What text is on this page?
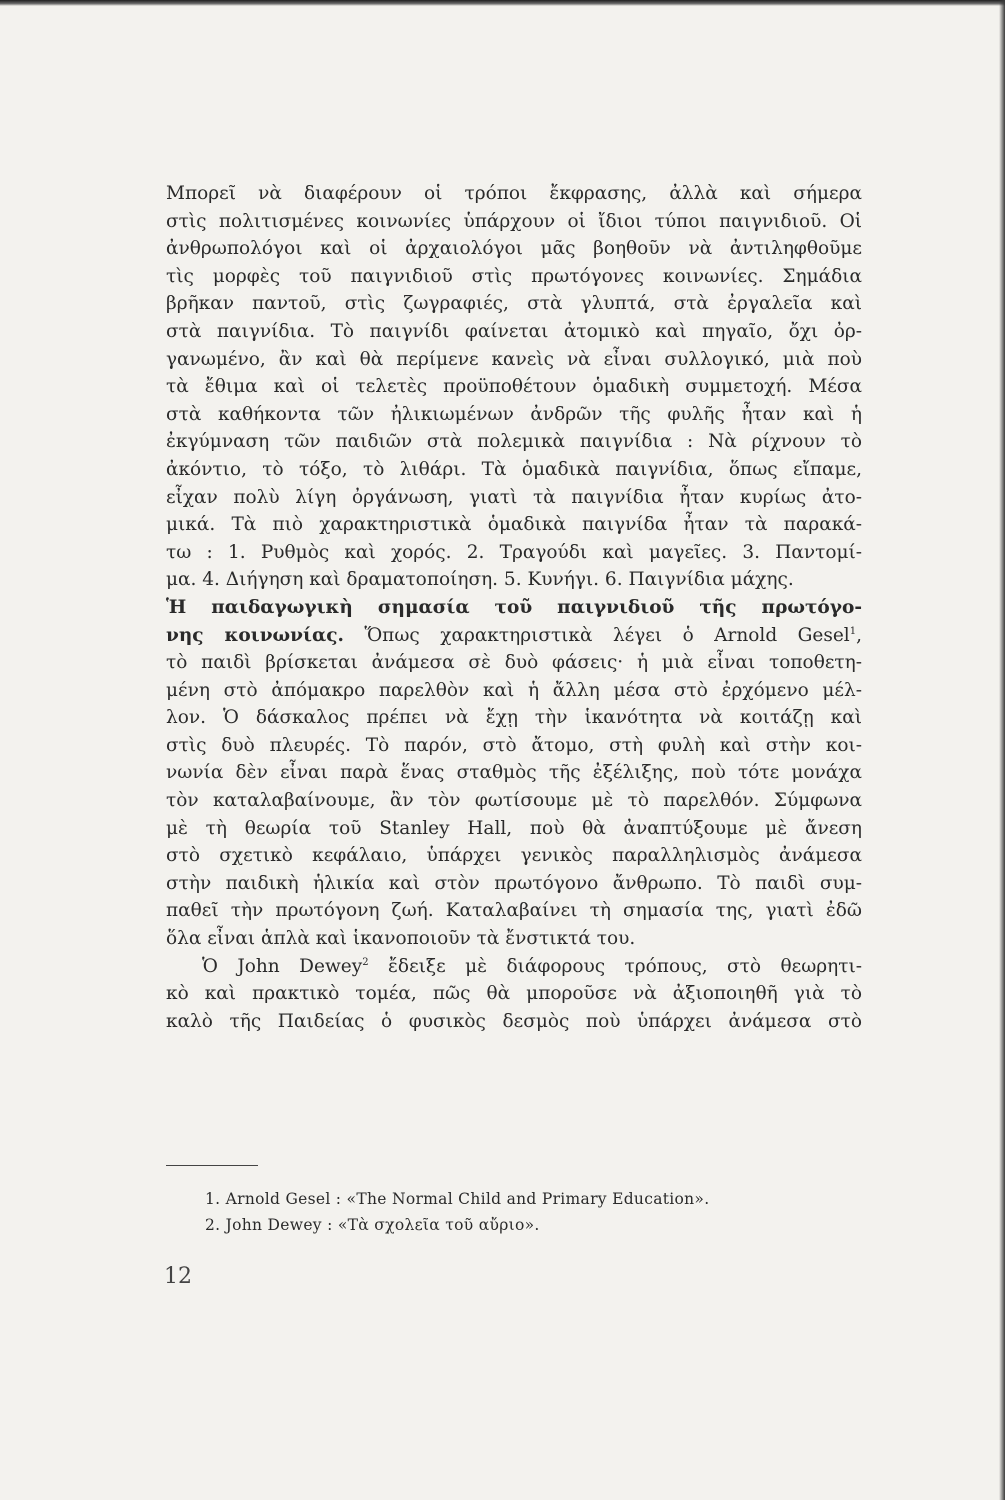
Μπορεῖ νὰ διαφέρουν οἱ τρόποι ἔκφρασης, ἀλλὰ καὶ σήμερα
στὶς πολιτισμένες κοινωνίες ὑπάρχουν οἱ ἴδιοι τύποι παιγνιδιοῦ. Οἱ
ἀνθρωπολόγοι καὶ οἱ ἀρχαιολόγοι μᾶς βοηθοῦν νὰ ἀντιληφθοῦμε
τὶς μορφὲς τοῦ παιγνιδιοῦ στὶς πρωτόγονες κοινωνίες. Σημάδια
βρῆκαν παντοῦ, στὶς ζωγραφιές, στὰ γλυπτά, στὰ ἐργαλεῖα καὶ
στὰ παιγνίδια. Τὸ παιγνίδι φαίνεται ἀτομικὸ καὶ πηγαῖο, ὄχι ὀρ-
γανωμένο, ἂν καὶ θὰ περίμενε κανεὶς νὰ εἶναι συλλογικό, μιὰ ποὺ
τὰ ἔθιμα καὶ οἱ τελετὲς προϋποθέτουν ὁμαδικὴ συμμετοχή. Μέσα
στὰ καθήκοντα τῶν ἠλικιωμένων ἀνδρῶν τῆς φυλῆς ἦταν καὶ ἡ
ἐκγύμναση τῶν παιδιῶν στὰ πολεμικὰ παιγνίδια : Νὰ ρίχνουν τὸ
ἀκόντιο, τὸ τόξο, τὸ λιθάρι. Τὰ ὁμαδικὰ παιγνίδια, ὅπως εἴπαμε,
εἶχαν πολὺ λίγη ὀργάνωση, γιατὶ τὰ παιγνίδια ἦταν κυρίως ἀτο-
μικά. Τὰ πιὸ χαρακτηριστικὰ ὁμαδικὰ παιγνίδα ἦταν τὰ παρακά-
τω : 1. Ρυθμὸς καὶ χορός. 2. Τραγούδι καὶ μαγεῖες. 3. Παντομί-
μα. 4. Διήγηση καὶ δραματοποίηση. 5. Κυνήγι. 6. Παιγνίδια μάχης.
Ἡ παιδαγωγικὴ σημασία τοῦ παιγνιδιοῦ τῆς πρωτόγο-
νης κοινωνίας. Ὅπως χαρακτηριστικὰ λέγει ὁ Arnold Gesel$^1$,
τὸ παιδὶ βρίσκεται ἀνάμεσα σὲ δυὸ φάσεις· ἡ μιὰ εἶναι τοποθετη-
μένη στὸ ἀπόμακρο παρελθὸν καὶ ἡ ἄλλη μέσα στὸ ἐρχόμενο μέλ-
λον. Ὁ δάσκαλος πρέπει νὰ ἔχῃ τὴν ἱκανότητα νὰ κοιτάζῃ καὶ
στὶς δυὸ πλευρές. Τὸ παρόν, στὸ ἄτομο, στὴ φυλὴ καὶ στὴν κοι-
νωνία δὲν εἶναι παρὰ ἕνας σταθμὸς τῆς ἐξέλιξης, ποὺ τότε μονάχα
τὸν καταλαβαίνουμε, ἂν τὸν φωτίσουμε μὲ τὸ παρελθόν. Σύμφωνα
μὲ τὴ θεωρία τοῦ Stanley Hall, ποὺ θὰ ἀναπτύξουμε μὲ ἄνεση
στὸ σχετικὸ κεφάλαιο, ὑπάρχει γενικὸς παραλληλισμὸς ἀνάμεσα
στὴν παιδικὴ ἡλικία καὶ στὸν πρωτόγονο ἄνθρωπο. Τὸ παιδὶ συμ-
παθεῖ τὴν πρωτόγονη ζωή. Καταλαβαίνει τὴ σημασία της, γιατὶ ἐδῶ
ὅλα εἶναι ἁπλὰ καὶ ἱκανοποιοῦν τὰ ἔνστικτά του.
Ὁ John Dewey$^2$ ἔδειξε μὲ διάφορους τρόπους, στὸ θεωρητι-
κὸ καὶ πρακτικὸ τομέα, πῶς θὰ μποροῦσε νὰ ἀξιοποιηθῆ γιὰ τὸ
καλὸ τῆς Παιδείας ὁ φυσικὸς δεσμὸς ποὺ ὑπάρχει ἀνάμεσα στὸ
1. Arnold Gesel : «The Normal Child and Primary Education».
2. John Dewey : «Τὰ σχολεῖα τοῦ αὔριο».
12
